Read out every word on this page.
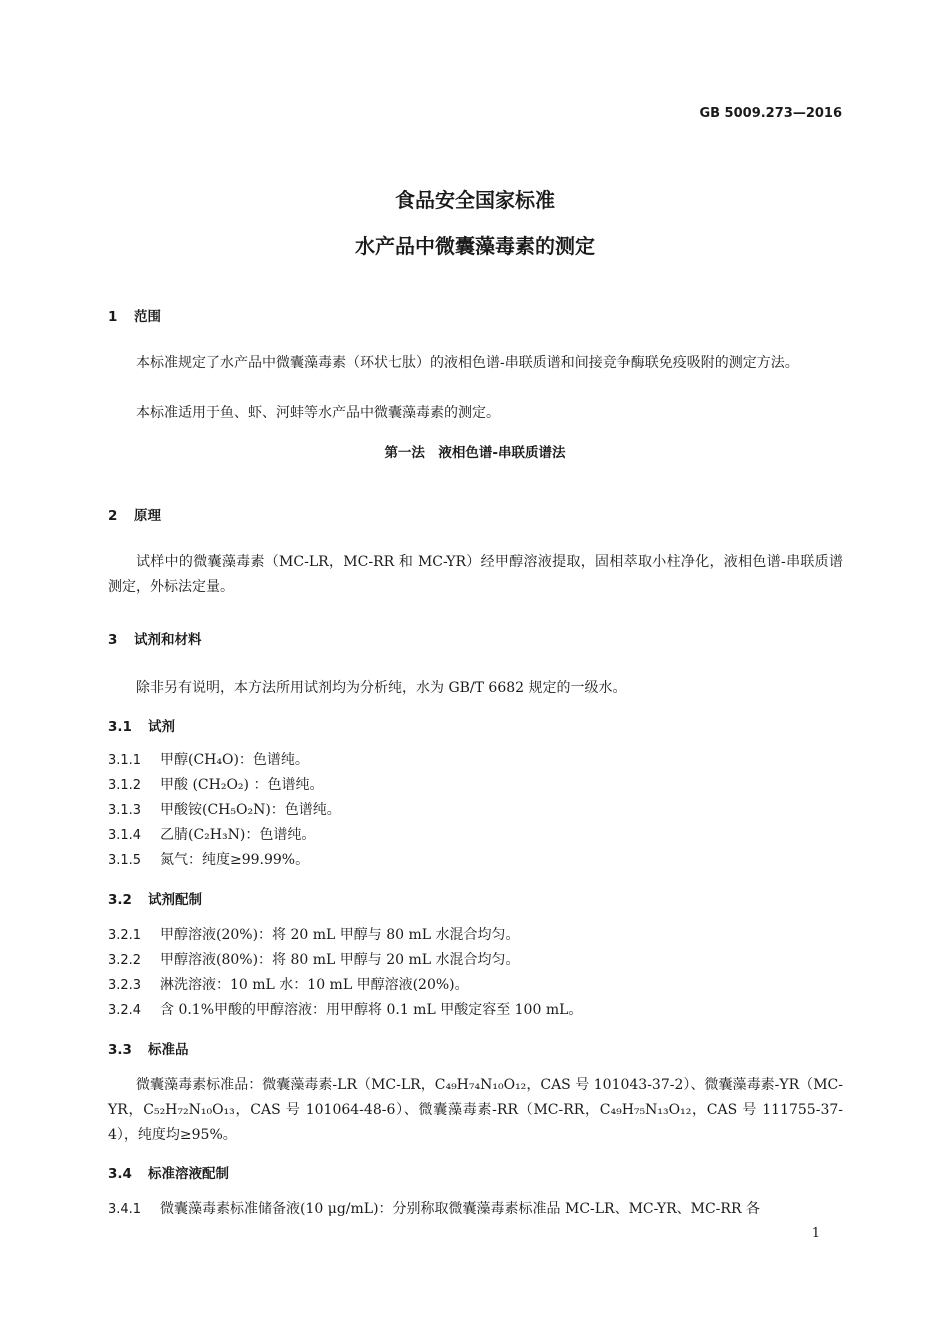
GB 5009.273—2016
食品安全国家标准
水产品中微囊藻毒素的测定
1 范围
本标准规定了水产品中微囊藻毒素（环状七肽）的液相色谱-串联质谱和间接竞争酶联免疫吸附的测定方法。
本标准适用于鱼、虾、河蚌等水产品中微囊藻毒素的测定。
第一法　液相色谱-串联质谱法
2 原理
试样中的微囊藻毒素（MC-LR，MC-RR 和 MC-YR）经甲醇溶液提取，固相萃取小柱净化，液相色谱-串联质谱测定，外标法定量。
3 试剂和材料
除非另有说明，本方法所用试剂均为分析纯，水为 GB/T 6682 规定的一级水。
3.1 试剂
3.1.1 甲醇(CH₄O)：色谱纯。
3.1.2 甲酸 (CH₂O₂) ：色谱纯。
3.1.3 甲酸铵(CH₅O₂N)：色谱纯。
3.1.4 乙腈(C₂H₃N)：色谱纯。
3.1.5 氮气：纯度≥99.99%。
3.2 试剂配制
3.2.1 甲醇溶液(20%)：将 20 mL 甲醇与 80 mL 水混合均匀。
3.2.2 甲醇溶液(80%)：将 80 mL 甲醇与 20 mL 水混合均匀。
3.2.3 淋洗溶液：10 mL 水：10 mL 甲醇溶液(20%)。
3.2.4 含 0.1%甲酸的甲醇溶液：用甲醇将 0.1 mL 甲酸定容至 100 mL。
3.3 标准品
微囊藻毒素标准品：微囊藻毒素-LR（MC-LR，C₄₉H₇₄N₁₀O₁₂，CAS 号 101043-37-2）、微囊藻毒素-YR（MC-YR，C₅₂H₇₂N₁₀O₁₃，CAS 号 101064-48-6）、微囊藻毒素-RR（MC-RR，C₄₉H₇₅N₁₃O₁₂，CAS 号 111755-37-4），纯度均≥95%。
3.4 标准溶液配制
3.4.1 微囊藻毒素标准储备液(10 μg/mL)：分别称取微囊藻毒素标准品 MC-LR、MC-YR、MC-RR 各
1
